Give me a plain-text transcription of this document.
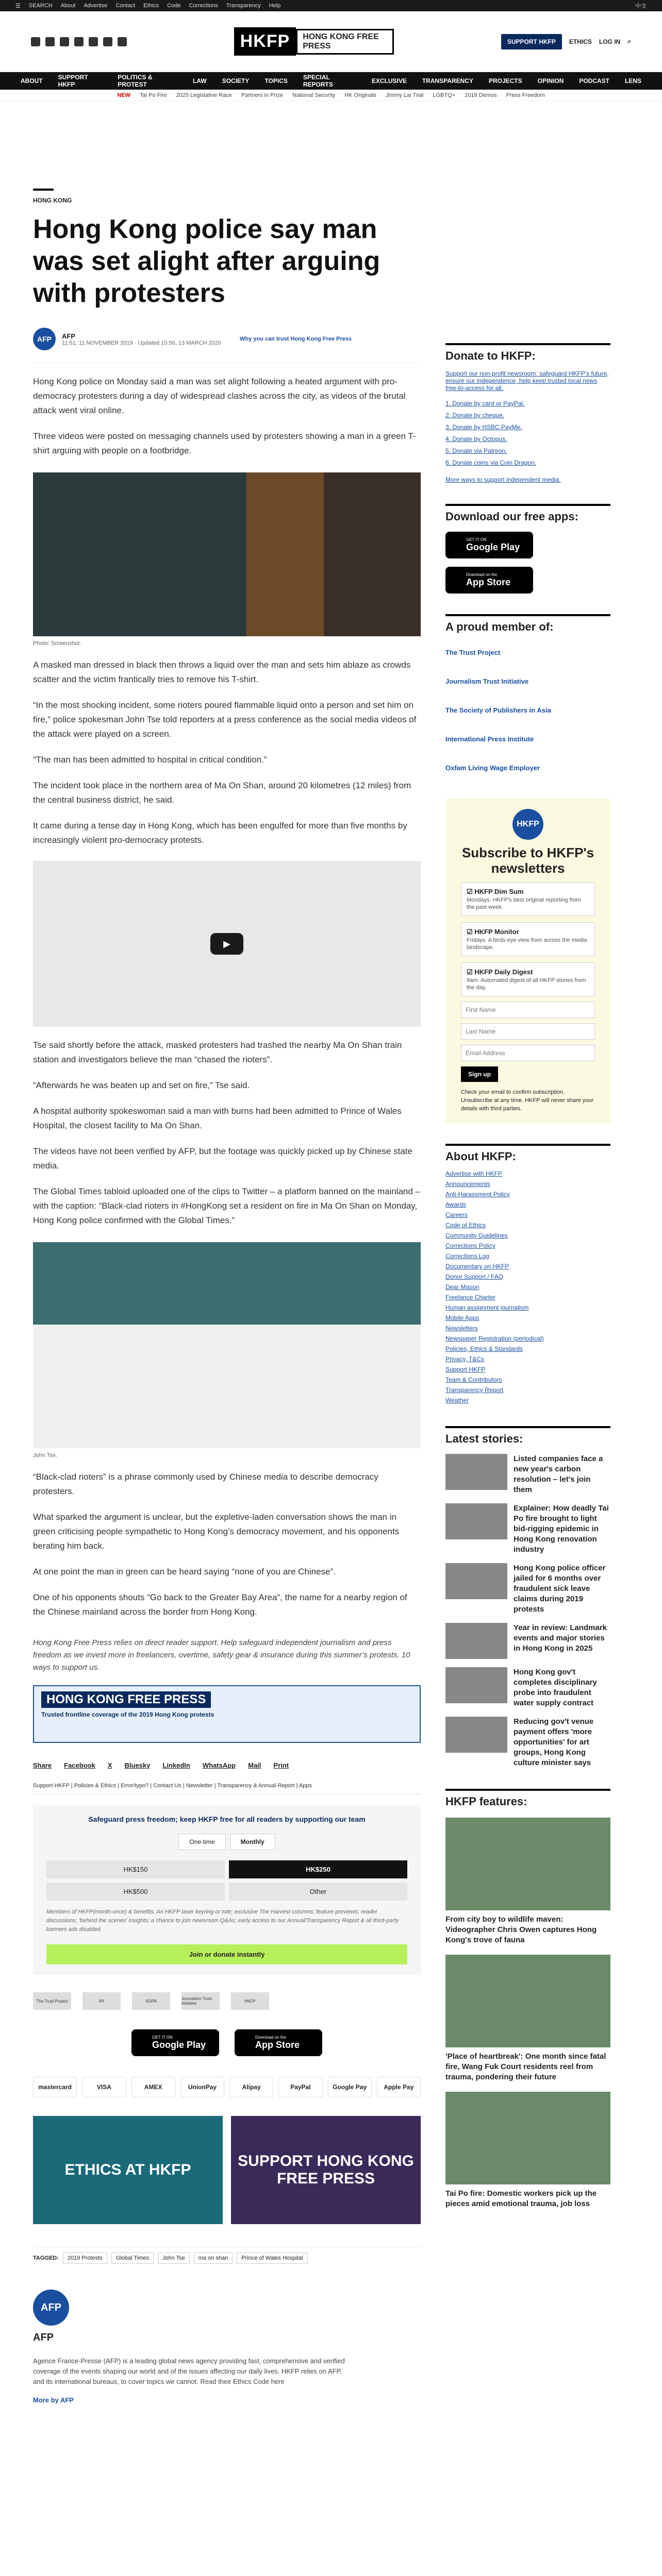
☰ SEARCH About Advertise Contact Ethics Code Corrections Transparency Help	中文
HKFP	HONG KONG FREE PRESS	SUPPORT HKFP	ETHICS LOG IN ⌕
ABOUT	SUPPORT HKFP
POLITICS & PROTEST	LAW	SOCIETY	TOPICS	SPECIAL REPORTS	EXCLUSIVE	TRANSPARENCY	PROJECTS	OPINION	PODCAST	LENS
NEW Tai Po Fire 2025 Legislative Race Partners in Prize National Security HK Originals Jimmy Lai Trial LGBTQ+ 2019 Demos Press Freedom
HONG KONG
Hong Kong police say man was set alight after arguing with protesters
AFP	AFP
11:51, 11 NOVEMBER 2019 · Updated 15:56, 13 MARCH 2020
Why you can trust Hong Kong Free Press

Hong Kong police on Monday said a man was set alight following a heated argument with pro-democracy protesters during a day of widespread clashes across the city, as videos of the brutal attack went viral online.

Three videos were posted on messaging channels used by protesters showing a man in a green T-shirt arguing with people on a footbridge.

Photo: Screenshot.

A masked man dressed in black then throws a liquid over the man and sets him ablaze as crowds scatter and the victim frantically tries to remove his T-shirt.

“In the most shocking incident, some rioters poured flammable liquid onto a person and set him on fire,” police spokesman John Tse told reporters at a press conference as the social media videos of the attack were played on a screen.

“The man has been admitted to hospital in critical condition.”

The incident took place in the northern area of Ma On Shan, around 20 kilometres (12 miles) from the central business district, he said.

It came during a tense day in Hong Kong, which has been engulfed for more than five months by increasingly violent pro-democracy protests.

▶

Tse said shortly before the attack, masked protesters had trashed the nearby Ma On Shan train station and investigators believe the man “chased the rioters”.

“Afterwards he was beaten up and set on fire,” Tse said.

A hospital authority spokeswoman said a man with burns had been admitted to Prince of Wales Hospital, the closest facility to Ma On Shan.

The videos have not been verified by AFP, but the footage was quickly picked up by Chinese state media.

The Global Times tabloid uploaded one of the clips to Twitter – a platform banned on the mainland – with the caption: “Black-clad rioters in #HongKong set a resident on fire in Ma On Shan on Monday, Hong Kong police confirmed with the Global Times.”

John Tse.

“Black-clad rioters” is a phrase commonly used by Chinese media to describe democracy protesters.

What sparked the argument is unclear, but the expletive-laden conversation shows the man in green criticising people sympathetic to Hong Kong’s democracy movement, and his opponents berating him back.

At one point the man in green can be heard saying “none of you are Chinese”.

One of his opponents shouts “Go back to the Greater Bay Area”, the name for a nearby region of the Chinese mainland across the border from Hong Kong.

Hong Kong Free Press relies on direct reader support. Help safeguard independent journalism and press freedom as we invest more in freelancers, overtime, safety gear & insurance during this summer’s protests. 10 ways to support us.

HONG KONG FREE PRESS
Trusted frontline coverage of the 2019 Hong Kong protests
Share Facebook X Bluesky LinkedIn WhatsApp Mail Print
Support HKFP | Policies & Ethics | Error/typo? | Contact Us | Newsletter | Transparency & Annual Report | Apps
Safeguard press freedom; keep HKFP free for all readers by supporting our team
One-time	Monthly
HK$150	HK$250
HK$500	Other
Members of HKFP(month-once) & benefits: An HKFP laser keyring or tote; exclusive The Harvest columns; feature previews; reader discussions; 'behind the scenes' insights; a chance to join newsroom Q&As; early access to our Annual/Transparency Report & all third-party banners ads disabled.
Join or donate instantly
The Trust Project	IPI	SOPA	Journalism Trust Initiative	HKFP
GET IT ON
Google Play
Download on the
App Store
mastercard	VISA	AMEX	UnionPay	Alipay	PayPal	Google Pay	Apple Pay
ETHICS AT HKFP
SUPPORT HONG KONG FREE PRESS
TAGGED:	2019 Protests	Global Times	John Tse	ma on shan	Prince of Wales Hospital
AFP
AFP
Agence France-Presse (AFP) is a leading global news agency providing fast, comprehensive and verified coverage of the events shaping our world and of the issues affecting our daily lives. HKFP relies on AFP, and its international bureaus, to cover topics we cannot. Read their Ethics Code here
More by AFP
Donate to HKFP:
Support our non-profit newsroom: safeguard HKFP's future, ensure our independence, help keep trusted local news free-to-access for all.
1. Donate by card or PayPal.
2. Donate by cheque.
3. Donate by HSBC PayMe.
4. Donate by Octopus.
5. Donate via Patreon.
6. Donate coins via Coin Dragon.
More ways to support independent media.
Download our free apps:
GET IT ON
Google Play
Download on the
App Store
A proud member of:
The Trust Project
Journalism Trust Initiative
The Society of Publishers in Asia
International Press Institute
Oxfam Living Wage Employer
HKFP
Subscribe to HKFP's newsletters
☑ HKFP Dim Sum
Mondays. HKFP's best original reporting from the past week.
☑ HKFP Monitor
Fridays. A birds-eye view from across the media landscape.
☑ HKFP Daily Digest
9am. Automated digest of all HKFP stories from the day.
First Name
Last Name
Email Address
Sign up
Check your email to confirm subscription. Unsubscribe at any time. HKFP will never share your details with third parties.
About HKFP:
Advertise with HKFP
Announcements
Anti-Harassment Policy
Awards
Careers
Code of Ethics
Community Guidelines
Corrections Policy
Corrections Log
Documentary on HKFP
Donor Support / FAQ
Dear Mason
Freelance Charter
Human assignment journalism
Mobile Apps
Newsletters
Newspaper Registration (periodical)
Policies, Ethics & Standards
Privacy, T&Cs
Support HKFP
Team & Contributors
Transparency Report
Weather
Latest stories:
Listed companies face a new year's carbon resolution – let's join them
Explainer: How deadly Tai Po fire brought to light bid-rigging epidemic in Hong Kong renovation industry
Hong Kong police officer jailed for 6 months over fraudulent sick leave claims during 2019 protests
Year in review: Landmark events and major stories in Hong Kong in 2025
Hong Kong gov't completes disciplinary probe into fraudulent water supply contract
Reducing gov't venue payment offers 'more opportunities' for art groups, Hong Kong culture minister says
HKFP features:
From city boy to wildlife maven: Videographer Chris Owen captures Hong Kong's trove of fauna
'Place of heartbreak': One month since fatal fire, Wang Fuk Court residents reel from trauma, pondering their future
Tai Po fire: Domestic workers pick up the pieces amid emotional trauma, job loss
